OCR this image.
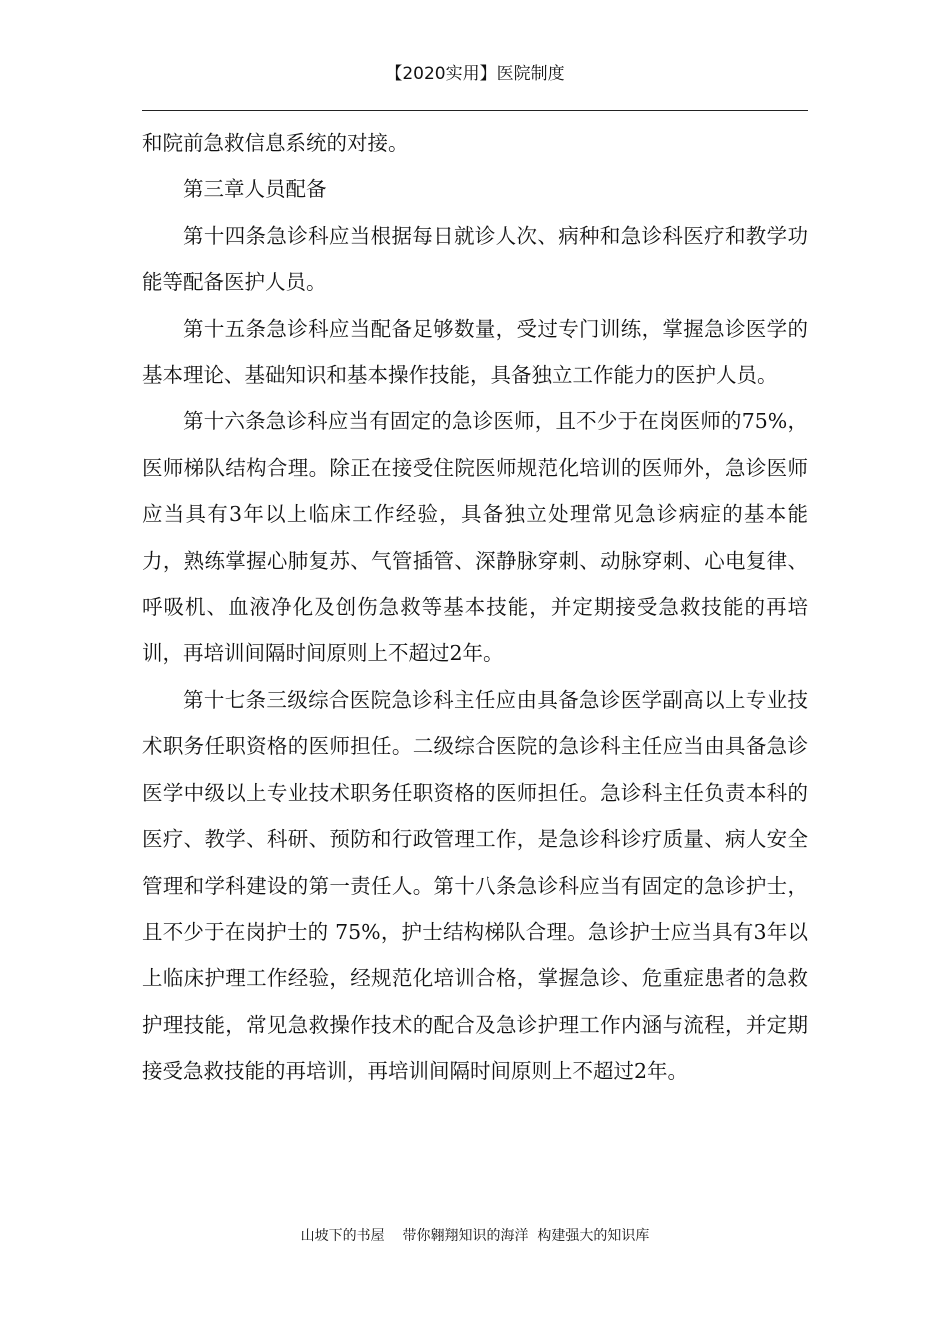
【2020实用】医院制度

和院前急救信息系统的对接。

第三章人员配备

第十四条急诊科应当根据每日就诊人次、病种和急诊科医疗和教学功能等配备医护人员。

第十五条急诊科应当配备足够数量，受过专门训练，掌握急诊医学的基本理论、基础知识和基本操作技能，具备独立工作能力的医护人员。

第十六条急诊科应当有固定的急诊医师，且不少于在岗医师的75%，医师梯队结构合理。除正在接受住院医师规范化培训的医师外，急诊医师应当具有3年以上临床工作经验，具备独立处理常见急诊病症的基本能力，熟练掌握心肺复苏、气管插管、深静脉穿刺、动脉穿刺、心电复律、呼吸机、血液净化及创伤急救等基本技能，并定期接受急救技能的再培训，再培训间隔时间原则上不超过2年。

第十七条三级综合医院急诊科主任应由具备急诊医学副高以上专业技术职务任职资格的医师担任。二级综合医院的急诊科主任应当由具备急诊医学中级以上专业技术职务任职资格的医师担任。急诊科主任负责本科的医疗、教学、科研、预防和行政管理工作，是急诊科诊疗质量、病人安全管理和学科建设的第一责任人。第十八条急诊科应当有固定的急诊护士，且不少于在岗护士的 75%，护士结构梯队合理。急诊护士应当具有3年以上临床护理工作经验，经规范化培训合格，掌握急诊、危重症患者的急救护理技能，常见急救操作技术的配合及急诊护理工作内涵与流程，并定期接受急救技能的再培训，再培训间隔时间原则上不超过2年。

山坡下的书屋    带你翱翔知识的海洋  构建强大的知识库
